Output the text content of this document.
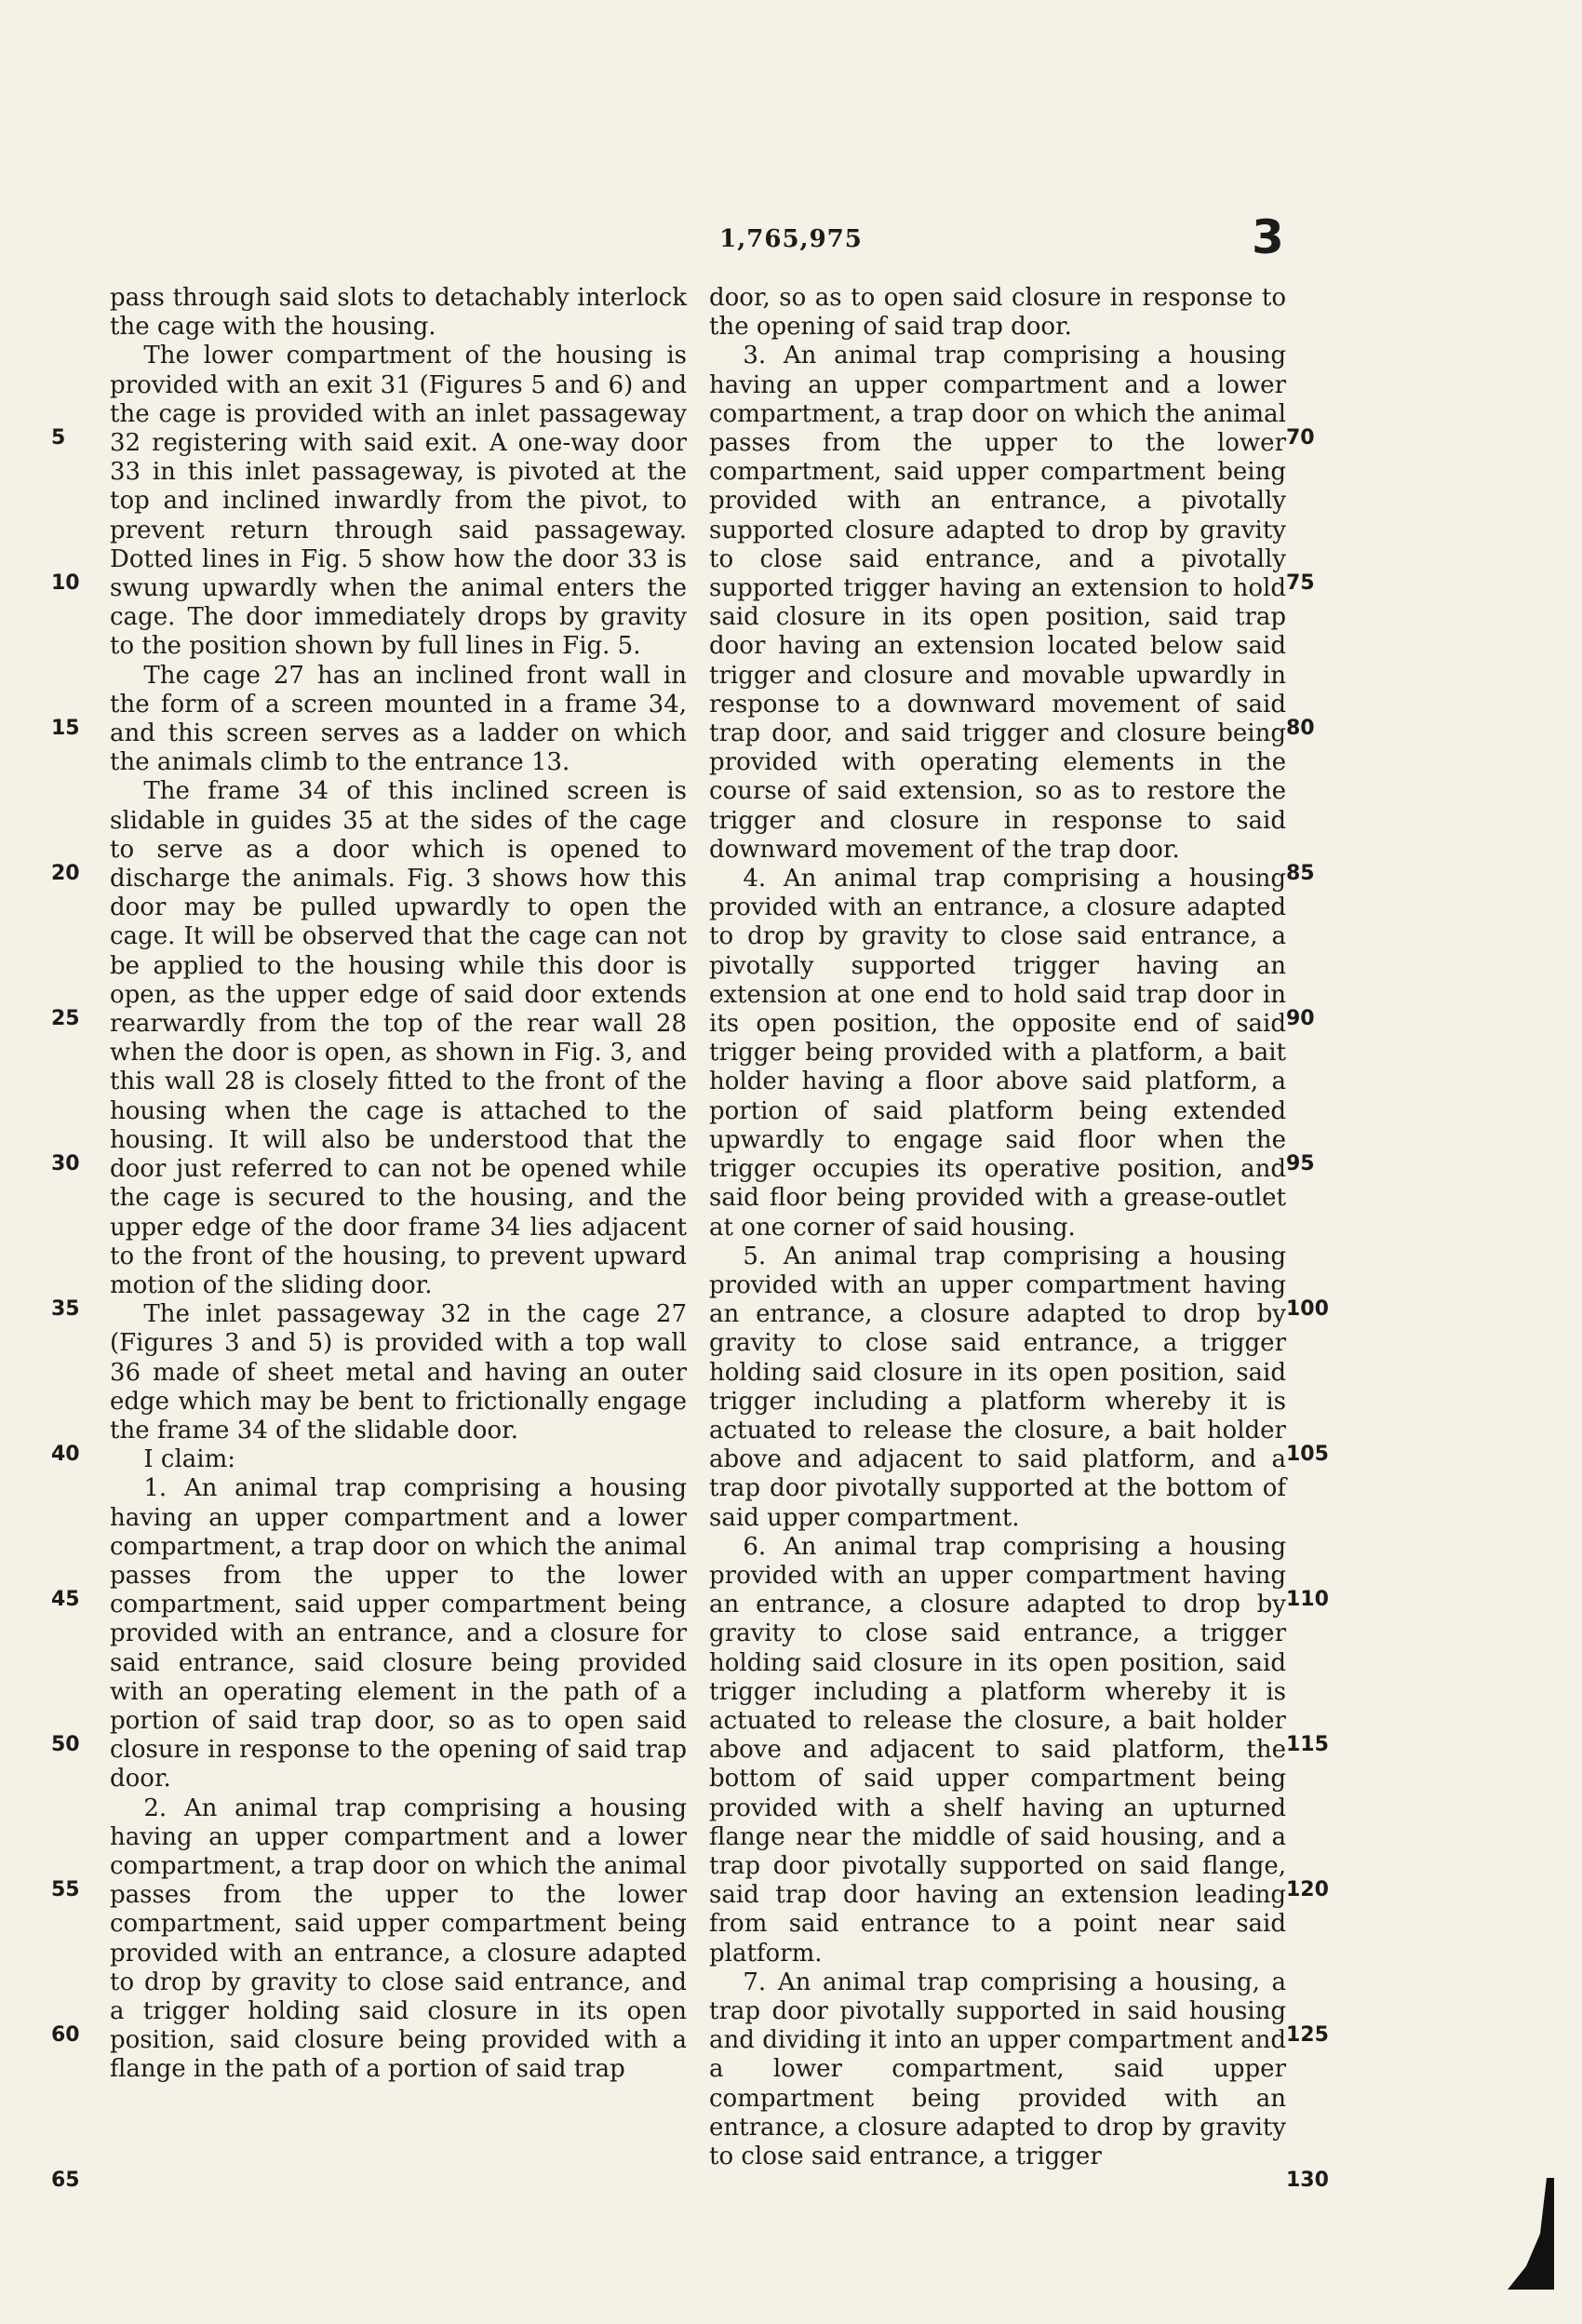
1,765,975	3

pass through said slots to detachably interlock the cage with the housing.

The lower compartment of the housing is provided with an exit 31 (Figures 5 and 6) and the cage is provided with an inlet passageway 32 registering with said exit. A one-way door 33 in this inlet passageway, is pivoted at the top and inclined inwardly from the pivot, to prevent return through said passageway. Dotted lines in Fig. 5 show how the door 33 is swung upwardly when the animal enters the cage. The door immediately drops by gravity to the position shown by full lines in Fig. 5.

The cage 27 has an inclined front wall in the form of a screen mounted in a frame 34, and this screen serves as a ladder on which the animals climb to the entrance 13.

The frame 34 of this inclined screen is slidable in guides 35 at the sides of the cage to serve as a door which is opened to discharge the animals. Fig. 3 shows how this door may be pulled upwardly to open the cage. It will be observed that the cage can not be applied to the housing while this door is open, as the upper edge of said door extends rearwardly from the top of the rear wall 28 when the door is open, as shown in Fig. 3, and this wall 28 is closely fitted to the front of the housing when the cage is attached to the housing. It will also be understood that the door just referred to can not be opened while the cage is secured to the housing, and the upper edge of the door frame 34 lies adjacent to the front of the housing, to prevent upward motion of the sliding door.

The inlet passageway 32 in the cage 27 (Figures 3 and 5) is provided with a top wall 36 made of sheet metal and having an outer edge which may be bent to frictionally engage the frame 34 of the slidable door.

I claim:

1. An animal trap comprising a housing having an upper compartment and a lower compartment, a trap door on which the animal passes from the upper to the lower compartment, said upper compartment being provided with an entrance, and a closure for said entrance, said closure being provided with an operating element in the path of a portion of said trap door, so as to open said closure in response to the opening of said trap door.

2. An animal trap comprising a housing having an upper compartment and a lower compartment, a trap door on which the animal passes from the upper to the lower compartment, said upper compartment being provided with an entrance, a closure adapted to drop by gravity to close said entrance, and a trigger holding said closure in its open position, said closure being provided with a flange in the path of a portion of said trap

door, so as to open said closure in response to the opening of said trap door.

3. An animal trap comprising a housing having an upper compartment and a lower compartment, a trap door on which the animal passes from the upper to the lower compartment, said upper compartment being provided with an entrance, a pivotally supported closure adapted to drop by gravity to close said entrance, and a pivotally supported trigger having an extension to hold said closure in its open position, said trap door having an extension located below said trigger and closure and movable upwardly in response to a downward movement of said trap door, and said trigger and closure being provided with operating elements in the course of said extension, so as to restore the trigger and closure in response to said downward movement of the trap door.

4. An animal trap comprising a housing provided with an entrance, a closure adapted to drop by gravity to close said entrance, a pivotally supported trigger having an extension at one end to hold said trap door in its open position, the opposite end of said trigger being provided with a platform, a bait holder having a floor above said platform, a portion of said platform being extended upwardly to engage said floor when the trigger occupies its operative position, and said floor being provided with a grease-outlet at one corner of said housing.

5. An animal trap comprising a housing provided with an upper compartment having an entrance, a closure adapted to drop by gravity to close said entrance, a trigger holding said closure in its open position, said trigger including a platform whereby it is actuated to release the closure, a bait holder above and adjacent to said platform, and a trap door pivotally supported at the bottom of said upper compartment.

6. An animal trap comprising a housing provided with an upper compartment having an entrance, a closure adapted to drop by gravity to close said entrance, a trigger holding said closure in its open position, said trigger including a platform whereby it is actuated to release the closure, a bait holder above and adjacent to said platform, the bottom of said upper compartment being provided with a shelf having an upturned flange near the middle of said housing, and a trap door pivotally supported on said flange, said trap door having an extension leading from said entrance to a point near said platform.

7. An animal trap comprising a housing, a trap door pivotally supported in said housing and dividing it into an upper compartment and a lower compartment, said upper compartment being provided with an entrance, a closure adapted to drop by gravity to close said entrance, a trigger

5
10
15
20
25
30
35
40
45
50
55
60
65
70
75
80
85
90
95
100
105
110
115
120
125
130
